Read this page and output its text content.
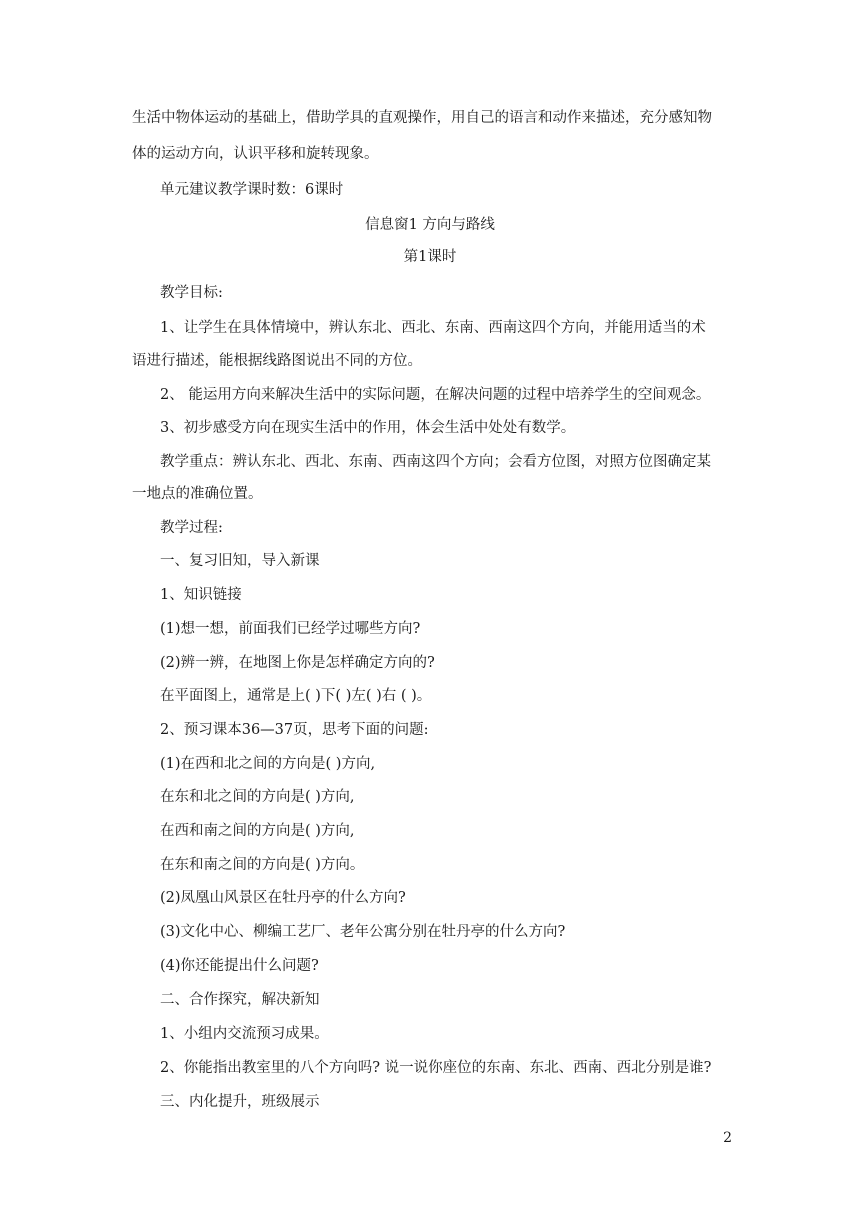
生活中物体运动的基础上，借助学具的直观操作，用自己的语言和动作来描述，充分感知物
体的运动方向，认识平移和旋转现象。
单元建议教学课时数：6课时
信息窗1 方向与路线
第1课时
教学目标:
1、让学生在具体情境中，辨认东北、西北、东南、西南这四个方向，并能用适当的术
语进行描述，能根据线路图说出不同的方位。
2、 能运用方向来解决生活中的实际问题，在解决问题的过程中培养学生的空间观念。
3、初步感受方向在现实生活中的作用，体会生活中处处有数学。
教学重点：辨认东北、西北、东南、西南这四个方向；会看方位图，对照方位图确定某
一地点的准确位置。
教学过程:
一、复习旧知，导入新课
1、知识链接
(1)想一想，前面我们已经学过哪些方向?
(2)辨一辨，在地图上你是怎样确定方向的?
在平面图上，通常是上( )下( )左( )右 ( )。
2、预习课本36—37页，思考下面的问题:
(1)在西和北之间的方向是( )方向,
在东和北之间的方向是( )方向,
在西和南之间的方向是( )方向,
在东和南之间的方向是( )方向。
(2)凤凰山风景区在牡丹亭的什么方向?
(3)文化中心、柳编工艺厂、老年公寓分别在牡丹亭的什么方向?
(4)你还能提出什么问题?
二、合作探究，解决新知
1、小组内交流预习成果。
2、你能指出教室里的八个方向吗? 说一说你座位的东南、东北、西南、西北分别是谁?
三、内化提升，班级展示
2
